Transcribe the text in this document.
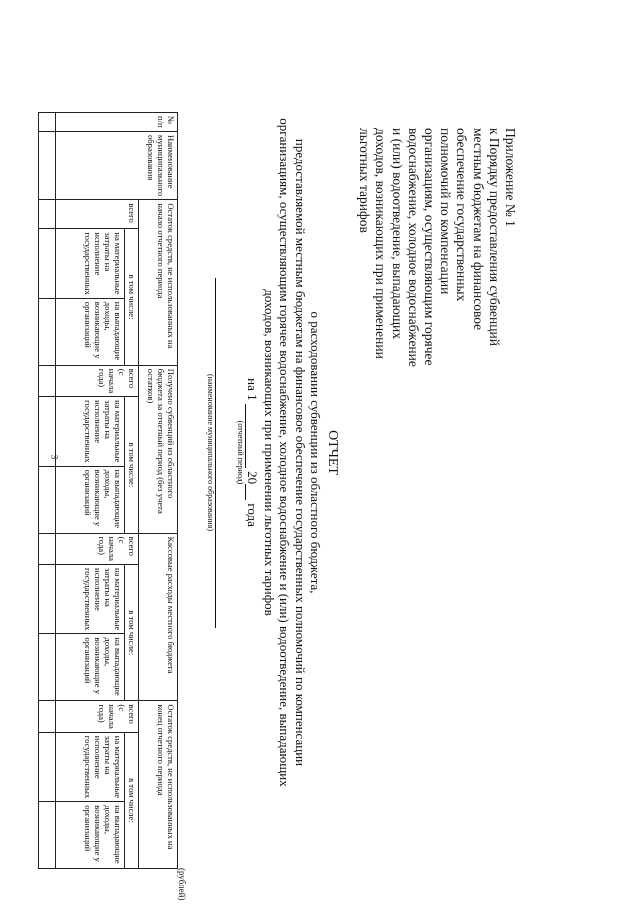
3
Приложение № 1
к Порядку предоставления субвенций
местным бюджетам на финансовое
обеспечение государственных
полномочий по компенсации
организациям, осуществляющим горячее
водоснабжение, холодное водоснабжение
и (или) водоотведение, выпадающих
доходов, возникающих при применении
льготных тарифов
ОТЧЕТ
о расходовании субвенции из областного бюджета,
предоставляемой местным бюджетам на финансовое обеспечение государственных полномочий по компенсации
организациям, осуществляющим горячее водоснабжение, холодное водоснабжение и (или) водоотведение, выпадающих
доходов, возникающих при применении льготных тарифов
на 1  20 года
(отчетный период)
(наименование муниципального образования)
(рублей)
№ п/п	Наименование муниципального образования	Остаток средств, не использованных на начало отчетного периода			Получено субвенций из областного бюджета за отчетный период (без учета остатков)			Кассовые расходы местного бюджета			Остаток средств, не использованных на конец отчетного периода		
		всего	в том числе:		всего (с начала года)	в том числе:		всего (с начала года)	в том числе:		всего (с начала года)	в том числе:	
			на материальные затраты на исполнение государственных	на выпадающие доходы, возникающие у организаций		на материальные затраты на исполнение государственных	на выпадающие доходы, возникающие у организаций		на материальные затраты на исполнение государственных	на выпадающие доходы, возникающие у организаций		на материальные затраты на исполнение государственных	на выпадающие доходы, возникающие у организаций
